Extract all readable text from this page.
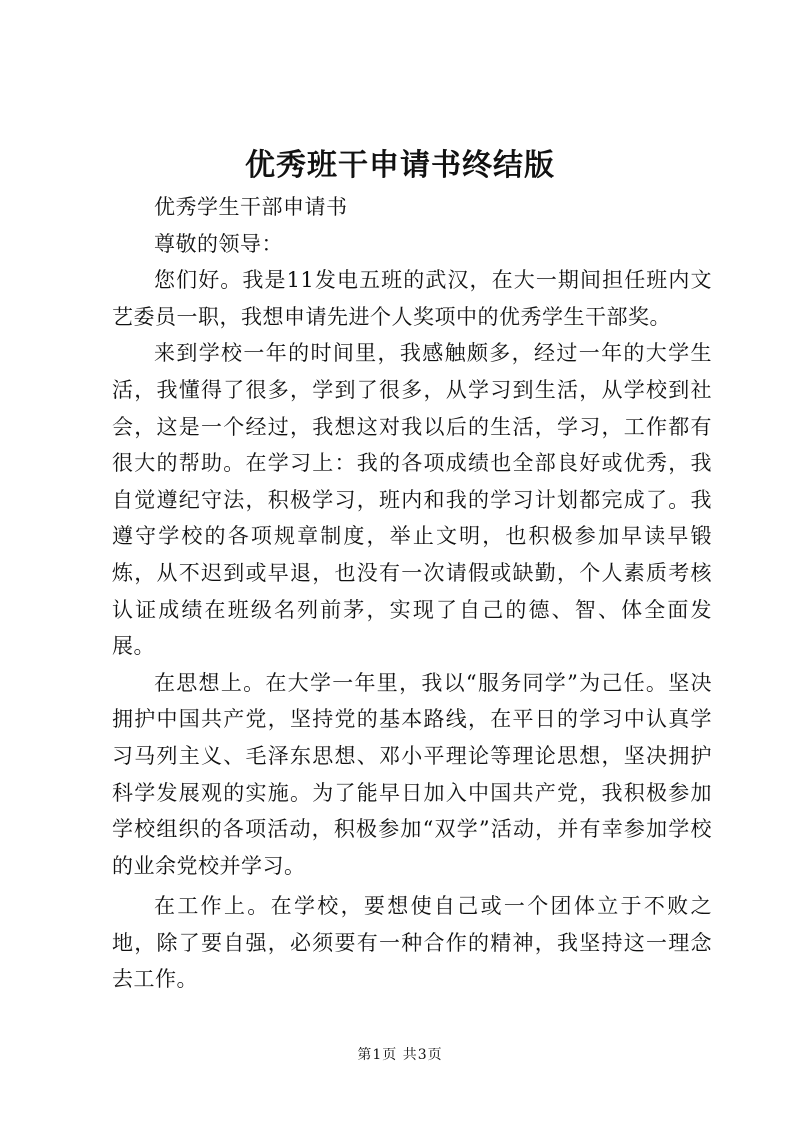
优秀班干申请书终结版

优秀学生干部申请书

尊敬的领导：

您们好。我是11发电五班的武汉，在大一期间担任班内文艺委员一职，我想申请先进个人奖项中的优秀学生干部奖。

来到学校一年的时间里，我感触颇多，经过一年的大学生活，我懂得了很多，学到了很多，从学习到生活，从学校到社会，这是一个经过，我想这对我以后的生活，学习，工作都有很大的帮助。在学习上：我的各项成绩也全部良好或优秀，我自觉遵纪守法，积极学习，班内和我的学习计划都完成了。我遵守学校的各项规章制度，举止文明，也积极参加早读早锻炼，从不迟到或早退，也没有一次请假或缺勤，个人素质考核认证成绩在班级名列前茅，实现了自己的德、智、体全面发展。

在思想上。在大学一年里，我以“服务同学”为己任。坚决拥护中国共产党，坚持党的基本路线，在平日的学习中认真学习马列主义、毛泽东思想、邓小平理论等理论思想，坚决拥护科学发展观的实施。为了能早日加入中国共产党，我积极参加学校组织的各项活动，积极参加“双学”活动，并有幸参加学校的业余党校并学习。

在工作上。在学校，要想使自己或一个团体立于不败之地，除了要自强，必须要有一种合作的精神，我坚持这一理念去工作。

第1页 共3页
